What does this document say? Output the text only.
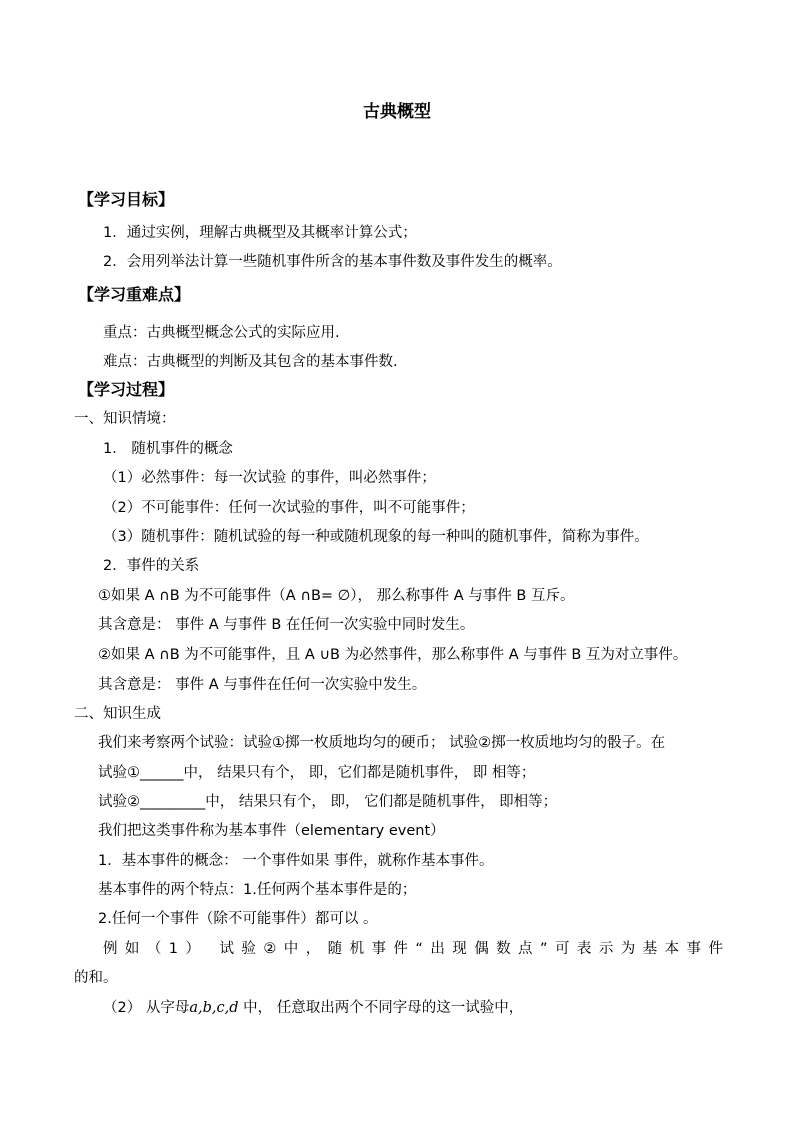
古典概型
【学习目标】
1．通过实例，理解古典概型及其概率计算公式；
2．会用列举法计算一些随机事件所含的基本事件数及事件发生的概率。
【学习重难点】
重点：古典概型概念公式的实际应用.
难点：古典概型的判断及其包含的基本事件数.
【学习过程】
一、知识情境：
1． 随机事件的概念
（1）必然事件：每一次试验 的事件，叫必然事件；
（2）不可能事件：任何一次试验的事件，叫不可能事件；
（3）随机事件：随机试验的每一种或随机现象的每一种叫的随机事件，简称为事件。
2．事件的关系
①如果 A ∩B 为不可能事件（A ∩B= ∅）， 那么称事件 A 与事件 B 互斥。
其含意是： 事件 A 与事件 B 在任何一次实验中同时发生。
②如果 A ∩B 为不可能事件，且 A ∪B 为必然事件，那么称事件 A 与事件 B 互为对立事件。
其含意是： 事件 A 与事件在任何一次实验中发生。
二、知识生成
我们来考察两个试验：试验①掷一枚质地均匀的硬币； 试验②掷一枚质地均匀的骰子。在
试验①______中， 结果只有个， 即，它们都是随机事件， 即 相等；
试验②_________中， 结果只有个， 即， 它们都是随机事件， 即相等；
我们把这类事件称为基本事件（elementary event）
1．基本事件的概念： 一个事件如果 事件，就称作基本事件。
基本事件的两个特点：1.任何两个基本事件是的；
2.任何一个事件（除不可能事件）都可以 。
例如（1） 试验②中，随机事件“出现偶数点”可表示为基本事件
的和。
（2） 从字母a,b,c,d 中， 任意取出两个不同字母的这一试验中，
